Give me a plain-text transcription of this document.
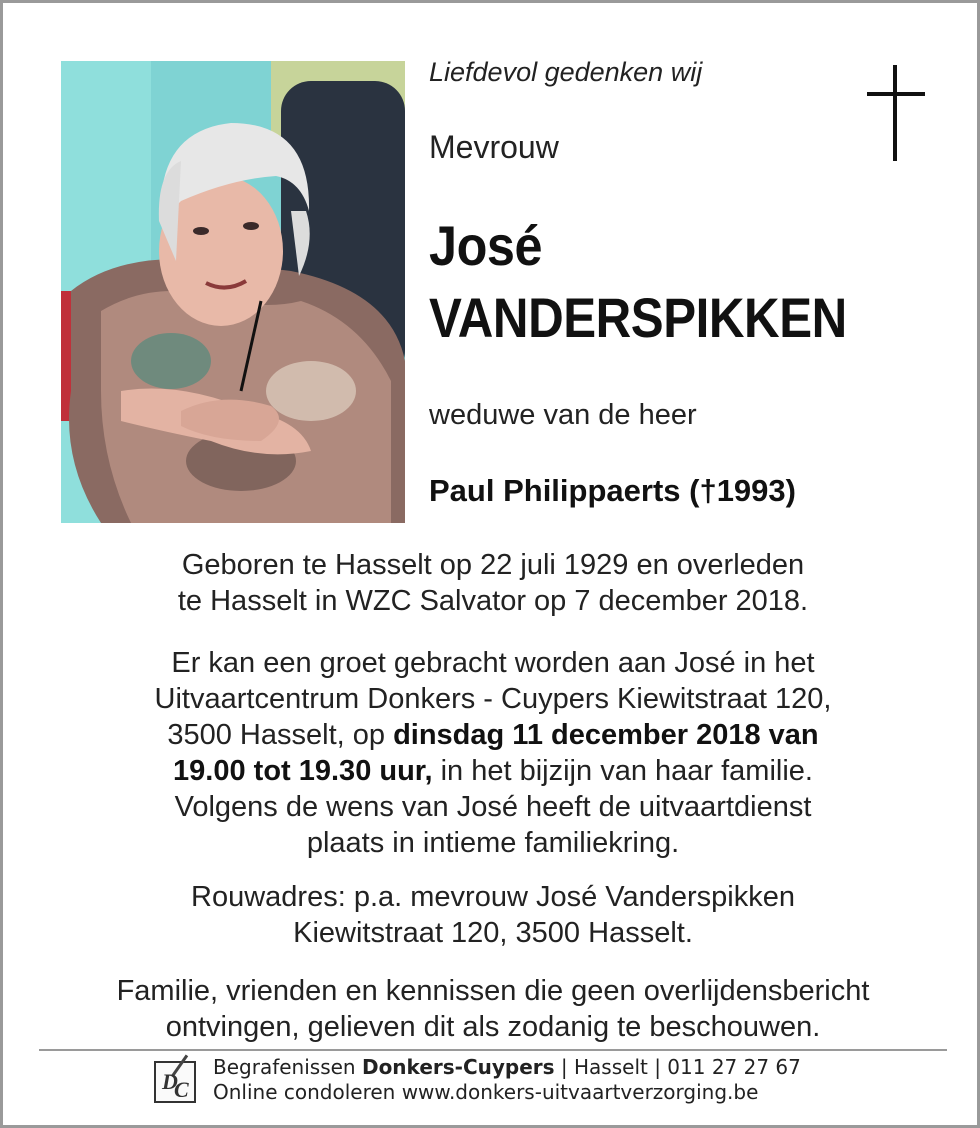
Liefdevol gedenken wij
Mevrouw
José
VANDERSPIKKEN
weduwe van de heer
Paul Philippaerts (†1993)
Geboren te Hasselt op 22 juli 1929 en overleden
te Hasselt in WZC Salvator op 7 december 2018.
Er kan een groet gebracht worden aan José in het
Uitvaartcentrum Donkers - Cuypers Kiewitstraat 120,
3500 Hasselt, op dinsdag 11 december 2018 van
19.00 tot 19.30 uur, in het bijzijn van haar familie.
Volgens de wens van José heeft de uitvaartdienst
plaats in intieme familiekring.
Rouwadres: p.a. mevrouw José Vanderspikken
Kiewitstraat 120, 3500 Hasselt.
Familie, vrienden en kennissen die geen overlijdensbericht
ontvingen, gelieven dit als zodanig te beschouwen.
D
C
Begrafenissen Donkers-Cuypers | Hasselt | 011 27 27 67
Online condoleren www.donkers-uitvaartverzorging.be
